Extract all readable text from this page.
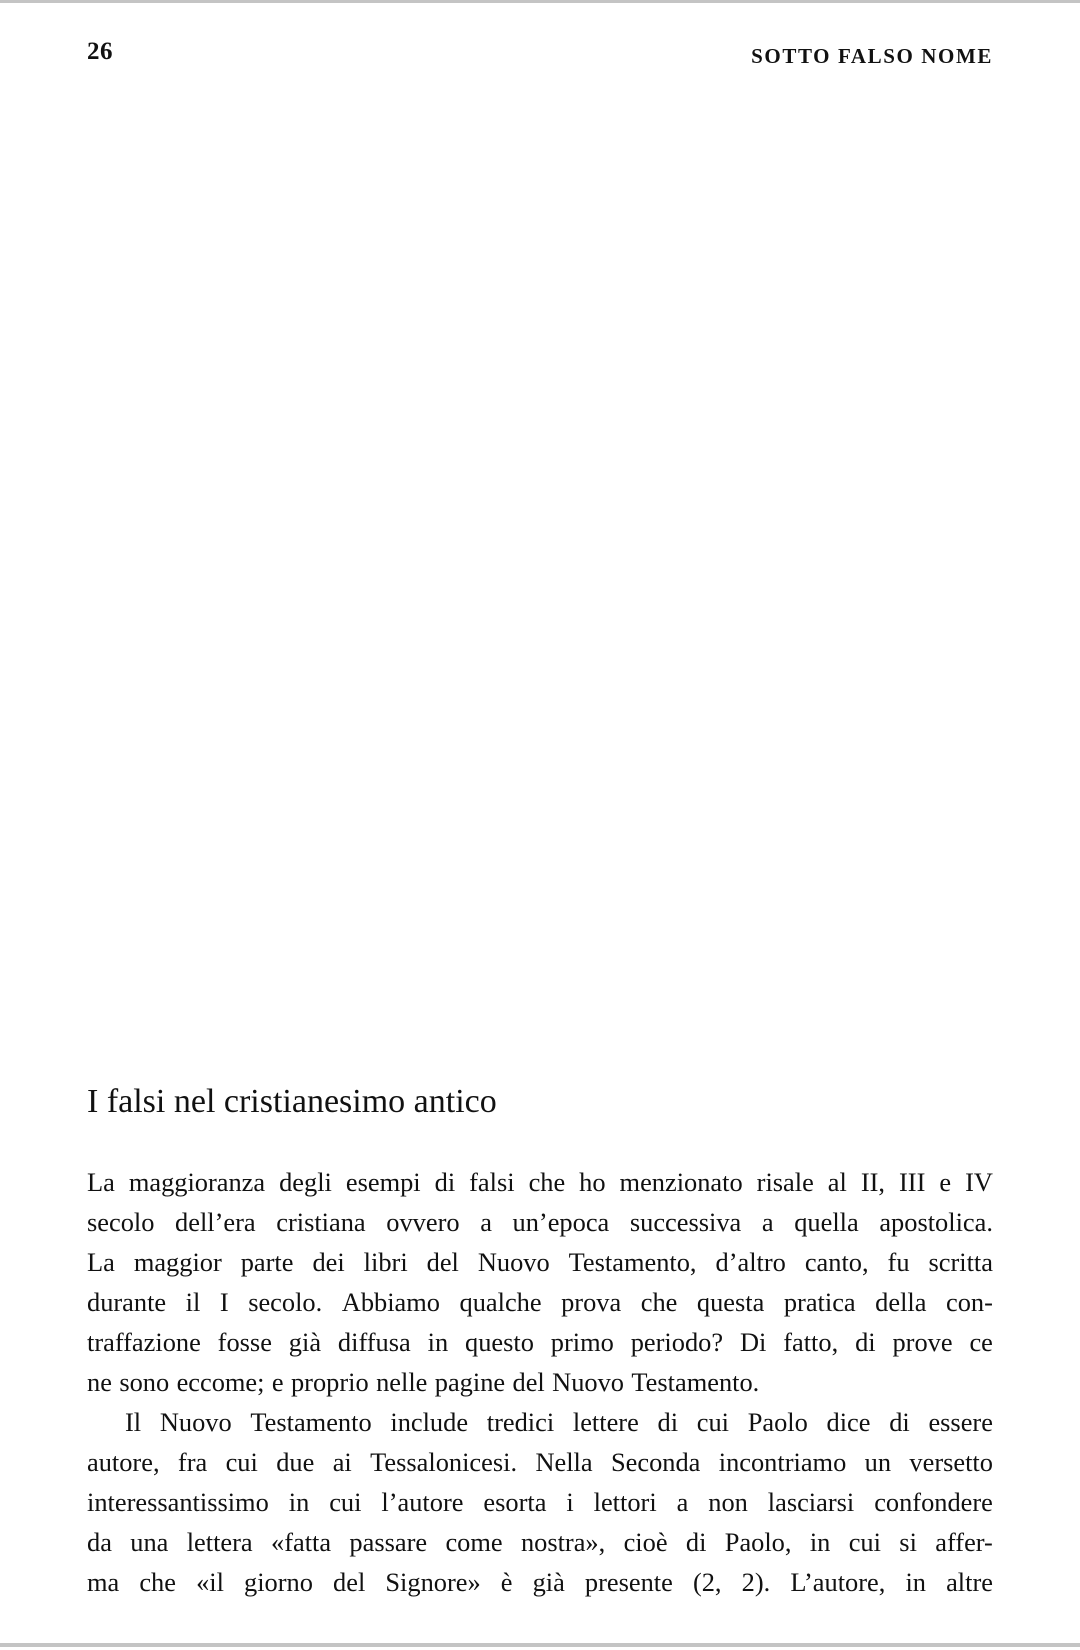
26	SOTTO FALSO NOME
I falsi nel cristianesimo antico
La maggioranza degli esempi di falsi che ho menzionato risale al II, III e IV
secolo dell’era cristiana ovvero a un’epoca successiva a quella apostolica.
La maggior parte dei libri del Nuovo Testamento, d’altro canto, fu scritta
durante il I secolo. Abbiamo qualche prova che questa pratica della con-
traffazione fosse già diffusa in questo primo periodo? Di fatto, di prove ce
ne sono eccome; e proprio nelle pagine del Nuovo Testamento.
Il Nuovo Testamento include tredici lettere di cui Paolo dice di essere
autore, fra cui due ai Tessalonicesi. Nella Seconda incontriamo un versetto
interessantissimo in cui l’autore esorta i lettori a non lasciarsi confondere
da una lettera «fatta passare come nostra», cioè di Paolo, in cui si affer-
ma che «il giorno del Signore» è già presente (2, 2). L’autore, in altre
